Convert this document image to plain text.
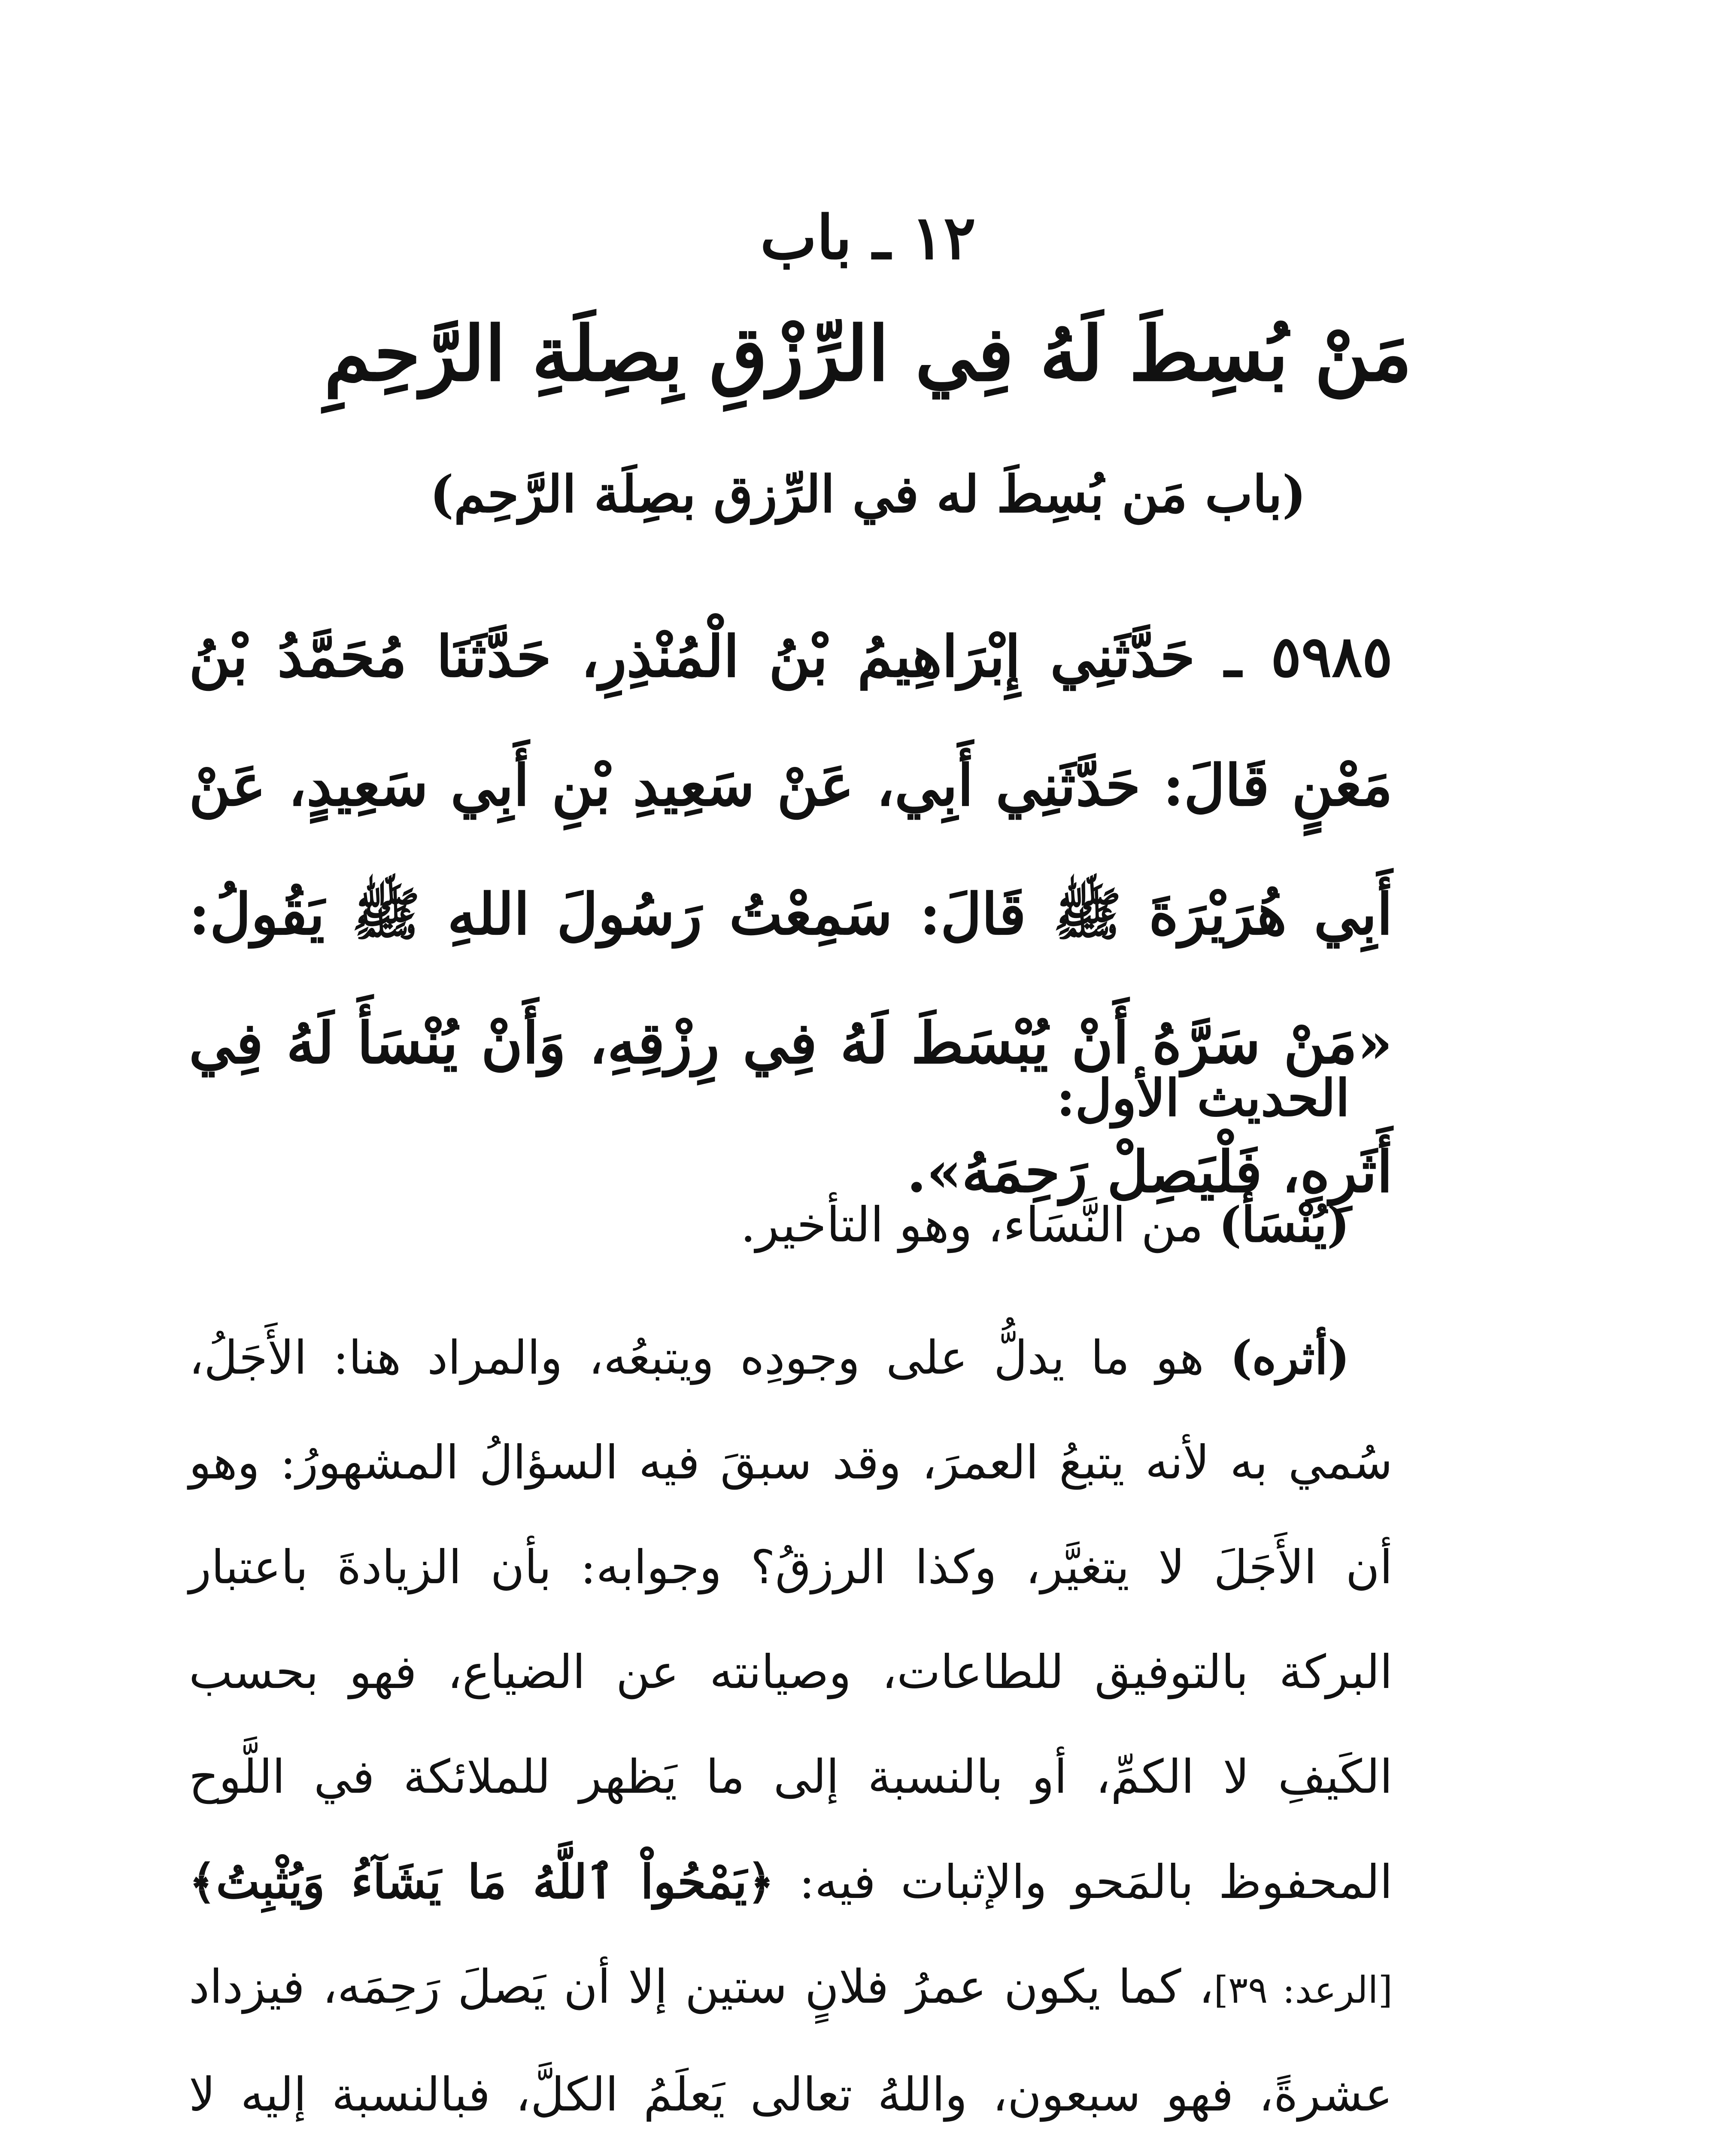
١٢ ـ باب
مَنْ بُسِطَ لَهُ فِي الرِّزْقِ بِصِلَةِ الرَّحِمِ
(باب مَن بُسِطَ له في الرِّزق بصِلَة الرَّحِم)
٥٩٨٥ ـ حَدَّثَنِي إِبْرَاهِيمُ بْنُ الْمُنْذِرِ، حَدَّثَنَا مُحَمَّدُ بْنُ مَعْنٍ قَالَ: حَدَّثَنِي أَبِي، عَنْ سَعِيدِ بْنِ أَبِي سَعِيدٍ، عَنْ أَبِي هُرَيْرَةَ ﷺ قَالَ: سَمِعْتُ رَسُولَ اللهِ ﷺ يَقُولُ: «مَنْ سَرَّهُ أَنْ يُبْسَطَ لَهُ فِي رِزْقِهِ، وَأَنْ يُنْسَأَ لَهُ فِي أَثَرِهِ، فَلْيَصِلْ رَحِمَهُ».
الحديث الأول:
(يُنْسَأ) من النَّسَاء، وهو التأخير.
(أثره) هو ما يدلُّ على وجودِه ويتبعُه، والمراد هنا: الأَجَلُ، سُمي به لأنه يتبعُ العمرَ، وقد سبقَ فيه السؤالُ المشهورُ: وهو أن الأَجَلَ لا يتغيَّر، وكذا الرزقُ؟ وجوابه: بأن الزيادةَ باعتبار البركة بالتوفيق للطاعات، وصيانته عن الضياع، فهو بحسب الكَيفِ لا الكمِّ، أو بالنسبة إلى ما يَظهر للملائكة في اللَّوح المحفوظ بالمَحو والإثبات فيه: ﴿يَمْحُواْ ٱللَّهُ مَا يَشَآءُ وَيُثْبِتُ﴾[الرعد: ٣٩]، كما يكون عمرُ فلانٍ ستين إلا أن يَصلَ رَحِمَه، فيزداد عشرةً، فهو سبعون، واللهُ تعالى يَعلَمُ الكلَّ، فبالنسبة إليه لا
